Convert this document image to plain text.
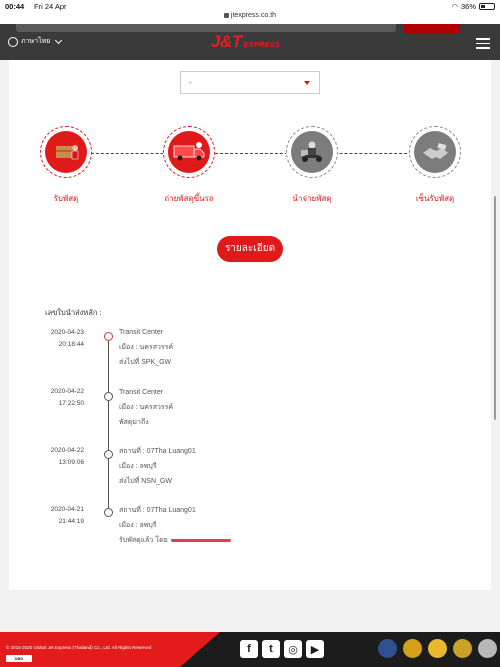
00:44 Fri 24 Apr	◠ 36%
jtexpress.co.th
ภาษาไทย	J&T EXPRESS
-
รับพัสดุ	ถ่ายพัสดุขึ้นรถ	นำจ่ายพัสดุ	เซ็นรับพัสดุ
รายละเอียด
เลขใบนำส่งหลัก :
2020-04-23
20:18:44
Transit Center
เมือง : นครสวรรค์
ส่งไปที่ SPK_GW
2020-04-22
17:22:50
Transit Center
เมือง : นครสวรรค์
พัสดุมาถึง
2020-04-22
13:09:06
สถานที่ : 07Tha Luang01
เมือง : ลพบุรี
ส่งไปที่ NSN_GW
2020-04-21
21:44:19
สถานที่ : 07Tha Luang01
เมือง : ลพบุรี
รับพัสดุแล้ว โดย
© 2015-2020 Global Jet Express (Thailand) Co., Ltd. All Rights Reserved
DBD
f	t	◎	▶
